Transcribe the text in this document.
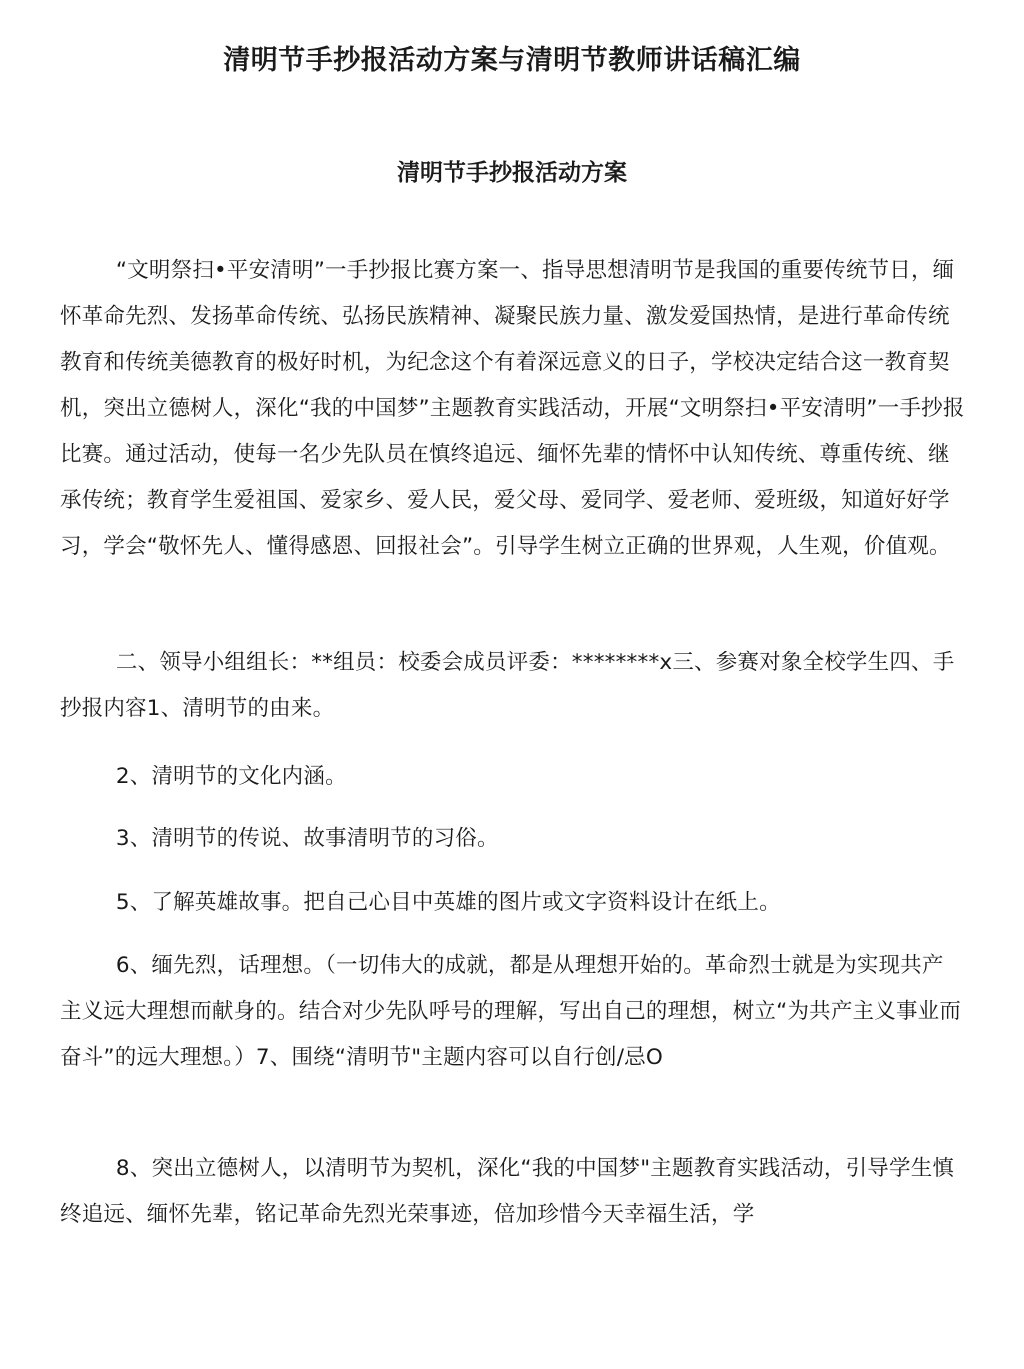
清明节手抄报活动方案与清明节教师讲话稿汇编
清明节手抄报活动方案
“文明祭扫•平安清明”一手抄报比赛方案一、指导思想清明节是我国的重要传统节日，缅怀革命先烈、发扬革命传统、弘扬民族精神、凝聚民族力量、激发爱国热情，是进行革命传统教育和传统美德教育的极好时机，为纪念这个有着深远意义的日子，学校决定结合这一教育契机，突出立德树人，深化“我的中国梦”主题教育实践活动，开展“文明祭扫•平安清明”一手抄报比赛。通过活动，使每一名少先队员在慎终追远、缅怀先辈的情怀中认知传统、尊重传统、继承传统；教育学生爱祖国、爱家乡、爱人民，爱父母、爱同学、爱老师、爱班级，知道好好学习，学会“敬怀先人、懂得感恩、回报社会”。引导学生树立正确的世界观，人生观，价值观。
二、领导小组组长：**组员：校委会成员评委：********x三、参赛对象全校学生四、手抄报内容1、清明节的由来。
2、清明节的文化内涵。
3、清明节的传说、故事清明节的习俗。
5、了解英雄故事。把自己心目中英雄的图片或文字资料设计在纸上。
6、缅先烈，话理想。（一切伟大的成就，都是从理想开始的。革命烈士就是为实现共产主义远大理想而献身的。结合对少先队呼号的理解，写出自己的理想，树立“为共产主义事业而奋斗”的远大理想。）7、围绕“清明节"主题内容可以自行创/忌O
8、突出立德树人，以清明节为契机，深化“我的中国梦"主题教育实践活动，引导学生慎终追远、缅怀先辈，铭记革命先烈光荣事迹，倍加珍惜今天幸福生活，学
